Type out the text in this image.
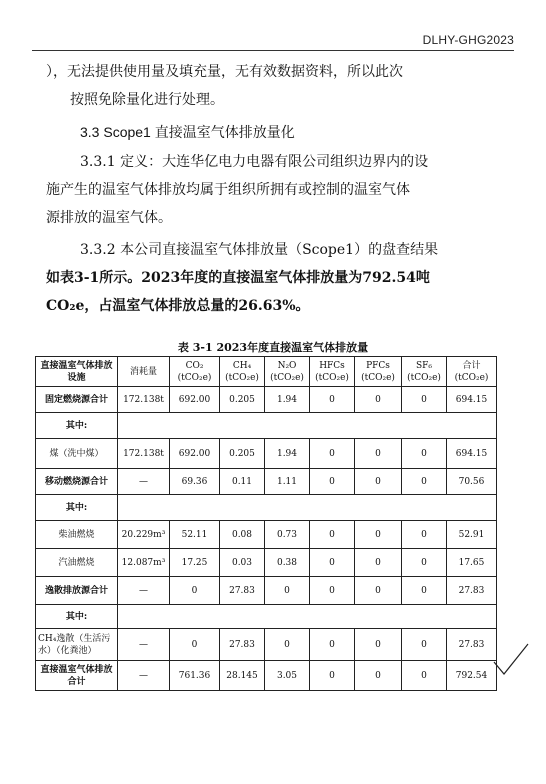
DLHY-GHG2023
），无法提供使用量及填充量，无有效数据资料，所以此次
按照免除量化进行处理。
3.3 Scope1 直接温室气体排放量化
3.3.1 定义：大连华亿电力电器有限公司组织边界内的设
施产生的温室气体排放均属于组织所拥有或控制的温室气体
源排放的温室气体。
3.3.2 本公司直接温室气体排放量（Scope1）的盘查结果
如表3-1所示。2023年度的直接温室气体排放量为792.54吨
CO₂e，占温室气体排放总量的26.63%。
表 3-1 2023年度直接温室气体排放量
直接温室气体排放设施	消耗量	CO₂ (tCO₂e)	CH₄ (tCO₂e)	N₂O (tCO₂e)	HFCs (tCO₂e)	PFCs (tCO₂e)	SF₆ (tCO₂e)	合计 (tCO₂e)
固定燃烧源合计	172.138t	692.00	0.205	1.94	0	0	0	694.15
其中:								
煤（洗中煤）	172.138t	692.00	0.205	1.94	0	0	0	694.15
移动燃烧源合计	—	69.36	0.11	1.11	0	0	0	70.56
其中:								
柴油燃烧	20.229m³	52.11	0.08	0.73	0	0	0	52.91
汽油燃烧	12.087m³	17.25	0.03	0.38	0	0	0	17.65
逸散排放源合计	—	0	27.83	0	0	0	0	27.83
其中:								
CH₄逸散（生活污水）（化粪池）	—	0	27.83	0	0	0	0	27.83
直接温室气体排放合计	—	761.36	28.145	3.05	0	0	0	792.54
